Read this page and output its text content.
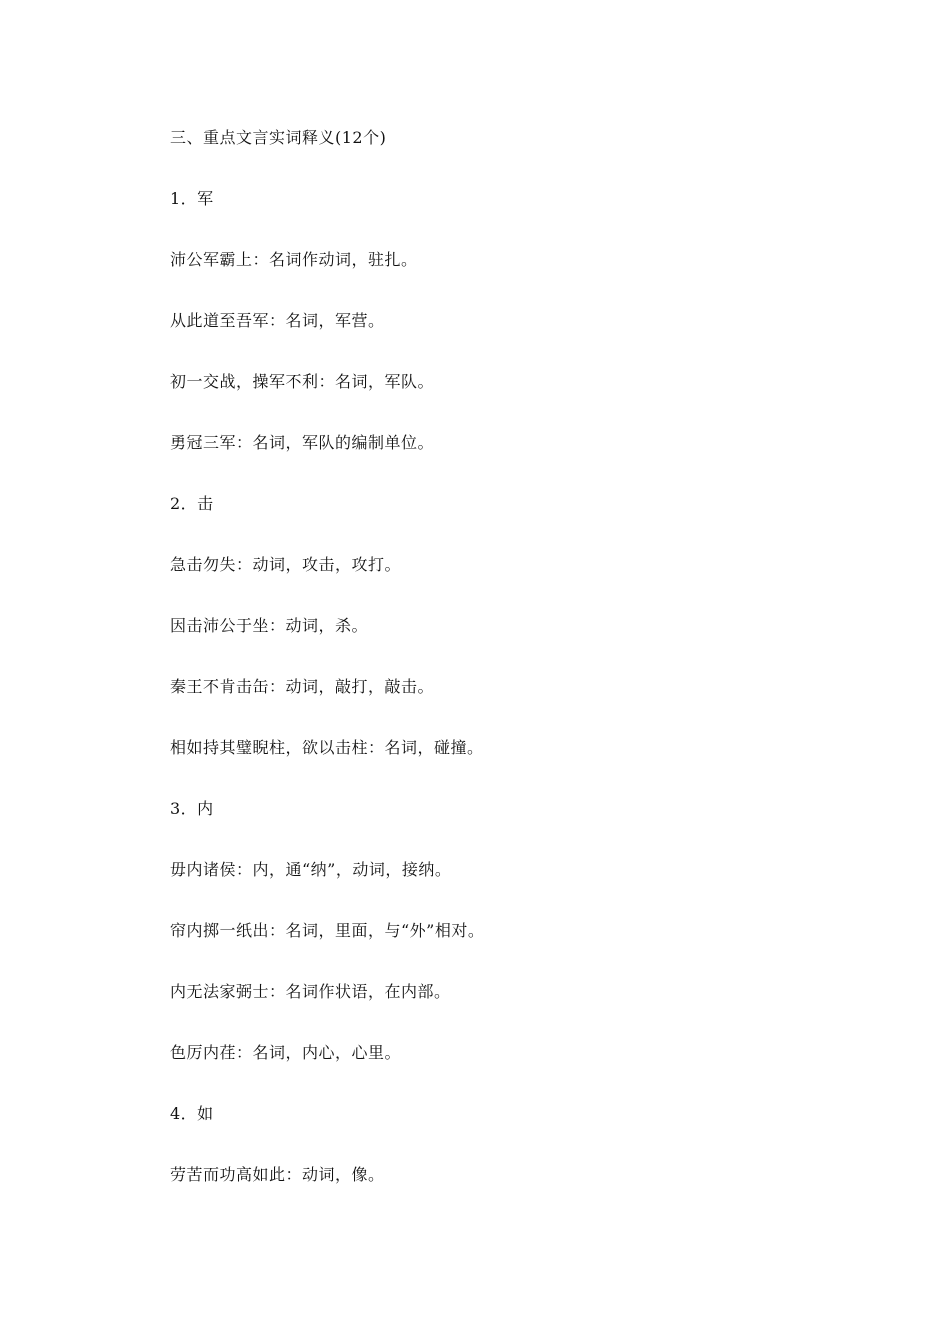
三、重点文言实词释义(12个)
1．军
沛公军霸上：名词作动词，驻扎。
从此道至吾军：名词，军营。
初一交战，操军不利：名词，军队。
勇冠三军：名词，军队的编制单位。
2．击
急击勿失：动词，攻击，攻打。
因击沛公于坐：动词，杀。
秦王不肯击缶：动词，敲打，敲击。
相如持其璧睨柱，欲以击柱：名词，碰撞。
3．内
毋内诸侯：内，通“纳”，动词，接纳。
帘内掷一纸出：名词，里面，与“外”相对。
内无法家弼士：名词作状语，在内部。
色厉内荏：名词，内心，心里。
4．如
劳苦而功高如此：动词，像。
